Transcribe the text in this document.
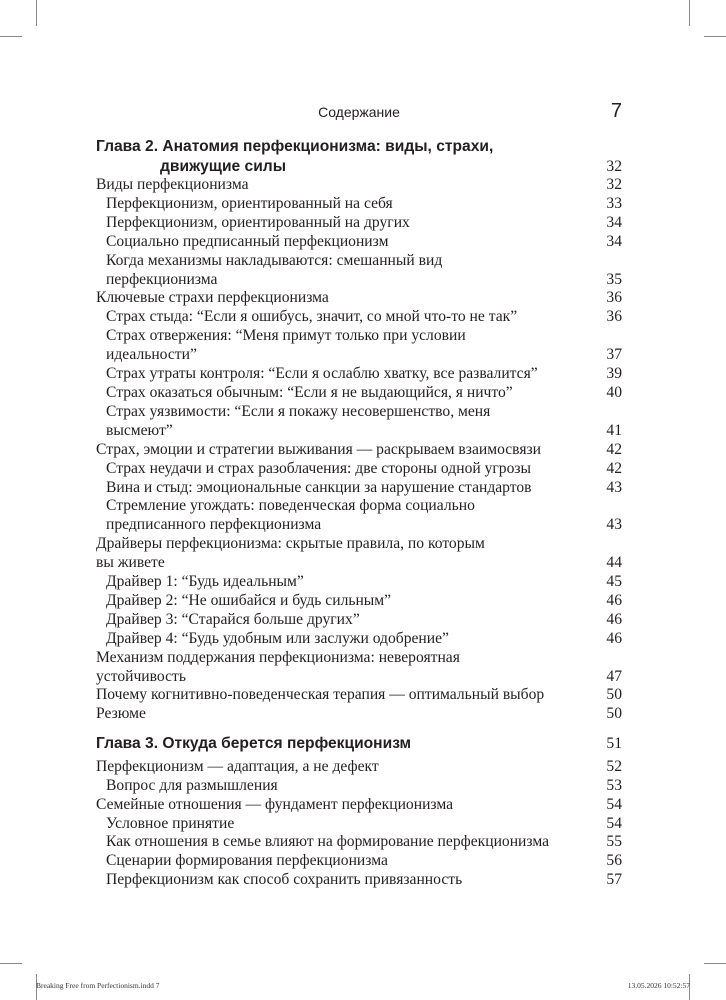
Содержание	7
Глава 2. Анатомия перфекционизма: виды, страхи,
движущие силы	32
Виды перфекционизма	32
Перфекционизм, ориентированный на себя	33
Перфекционизм, ориентированный на других	34
Социально предписанный перфекционизм	34
Когда механизмы накладываются: смешанный вид
перфекционизма	35
Ключевые страхи перфекционизма	36
Страх стыда: “Если я ошибусь, значит, со мной что-то не так”	36
Страх отвержения: “Меня примут только при условии
идеальности”	37
Страх утраты контроля: “Если я ослаблю хватку, все развалится”	39
Страх оказаться обычным: “Если я не выдающийся, я ничто”	40
Страх уязвимости: “Если я покажу несовершенство, меня
высмеют”	41
Страх, эмоции и стратегии выживания — раскрываем взаимосвязи	42
Страх неудачи и страх разоблачения: две стороны одной угрозы	42
Вина и стыд: эмоциональные санкции за нарушение стандартов	43
Стремление угождать: поведенческая форма социально
предписанного перфекционизма	43
Драйверы перфекционизма: скрытые правила, по которым
вы живете	44
Драйвер 1: “Будь идеальным”	45
Драйвер 2: “Не ошибайся и будь сильным”	46
Драйвер 3: “Старайся больше других”	46
Драйвер 4: “Будь удобным или заслужи одобрение”	46
Механизм поддержания перфекционизма: невероятная
устойчивость	47
Почему когнитивно-поведенческая терапия — оптимальный выбор	50
Резюме	50
Глава 3. Откуда берется перфекционизм	51
Перфекционизм — адаптация, а не дефект	52
Вопрос для размышления	53
Семейные отношения — фундамент перфекционизма	54
Условное принятие	54
Как отношения в семье влияют на формирование перфекционизма	55
Сценарии формирования перфекционизма	56
Перфекционизм как способ сохранить привязанность	57
Breaking Free from Perfectionism.indd 7	13.05.2026 10:52:57
